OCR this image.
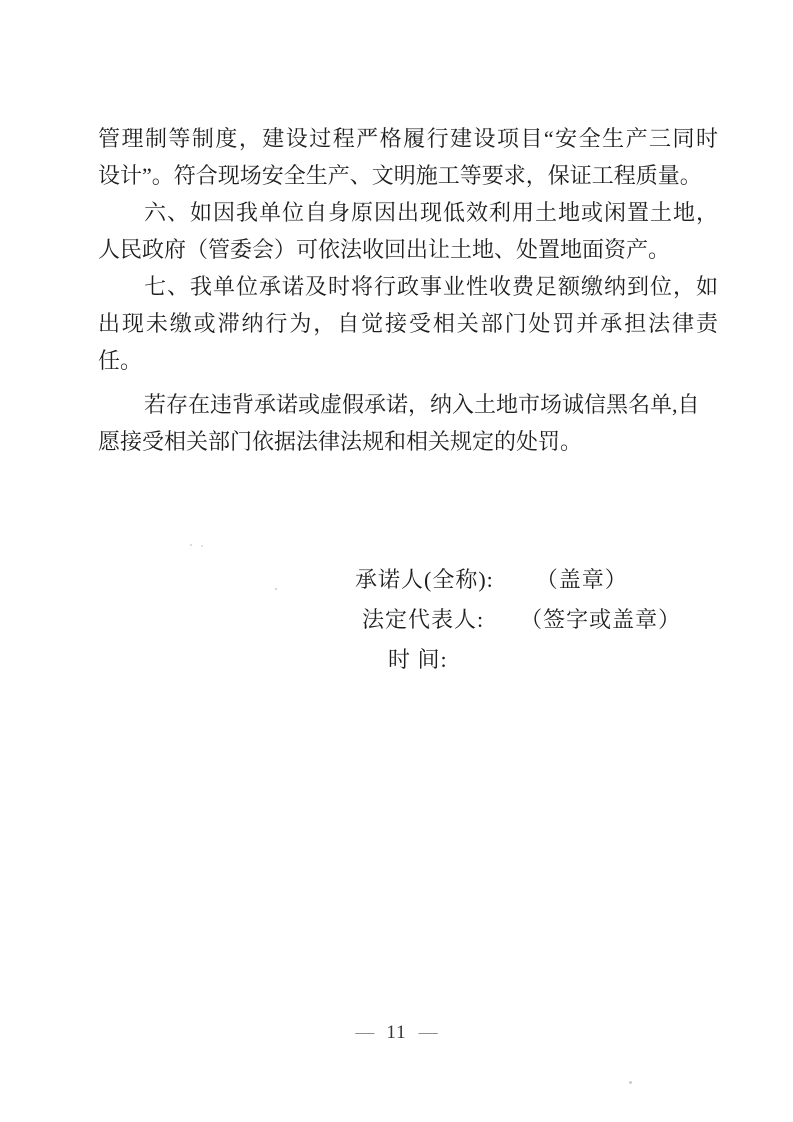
管理制等制度，建设过程严格履行建设项目“安全生产三同时
设计”。符合现场安全生产、文明施工等要求，保证工程质量。

六、如因我单位自身原因出现低效利用土地或闲置土地，
人民政府（管委会）可依法收回出让土地、处置地面资产。

七、我单位承诺及时将行政事业性收费足额缴纳到位，如
出现未缴或滞纳行为，自觉接受相关部门处罚并承担法律责
任。

若存在违背承诺或虚假承诺，纳入土地市场诚信黑名单,自
愿接受相关部门依据法律法规和相关规定的处罚。

承诺人(全称): （盖章）
法定代表人: （签字或盖章）
时 间:
— 11 —
